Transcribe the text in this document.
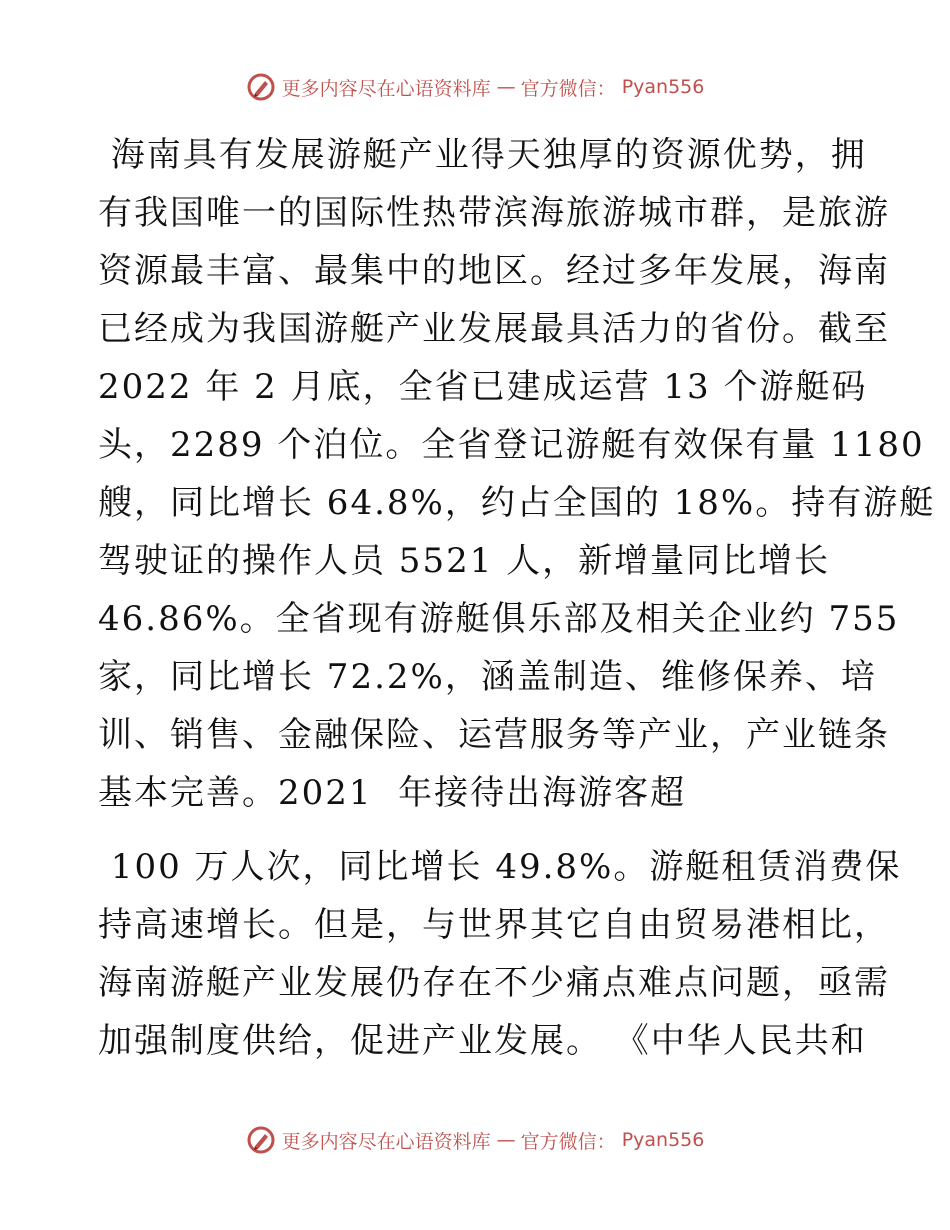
更多内容尽在心语资料库 — 官方微信： Pyan556
海南具有发展游艇产业得天独厚的资源优势，拥
有我国唯一的国际性热带滨海旅游城市群，是旅游
资源最丰富、最集中的地区。经过多年发展，海南
已经成为我国游艇产业发展最具活力的省份。截至
2022 年 2 月底，全省已建成运营 13 个游艇码
头，2289 个泊位。全省登记游艇有效保有量 1180
艘，同比增长 64.8%，约占全国的 18%。持有游艇
驾驶证的操作人员 5521 人，新增量同比增长
46.86%。全省现有游艇俱乐部及相关企业约 755
家，同比增长 72.2%，涵盖制造、维修保养、培
训、销售、金融保险、运营服务等产业，产业链条
基本完善。2021  年接待出海游客超
100 万人次，同比增长 49.8%。游艇租赁消费保
持高速增长。但是，与世界其它自由贸易港相比，
海南游艇产业发展仍存在不少痛点难点问题，亟需
加强制度供给，促进产业发展。 《中华人民共和
更多内容尽在心语资料库 — 官方微信： Pyan556
